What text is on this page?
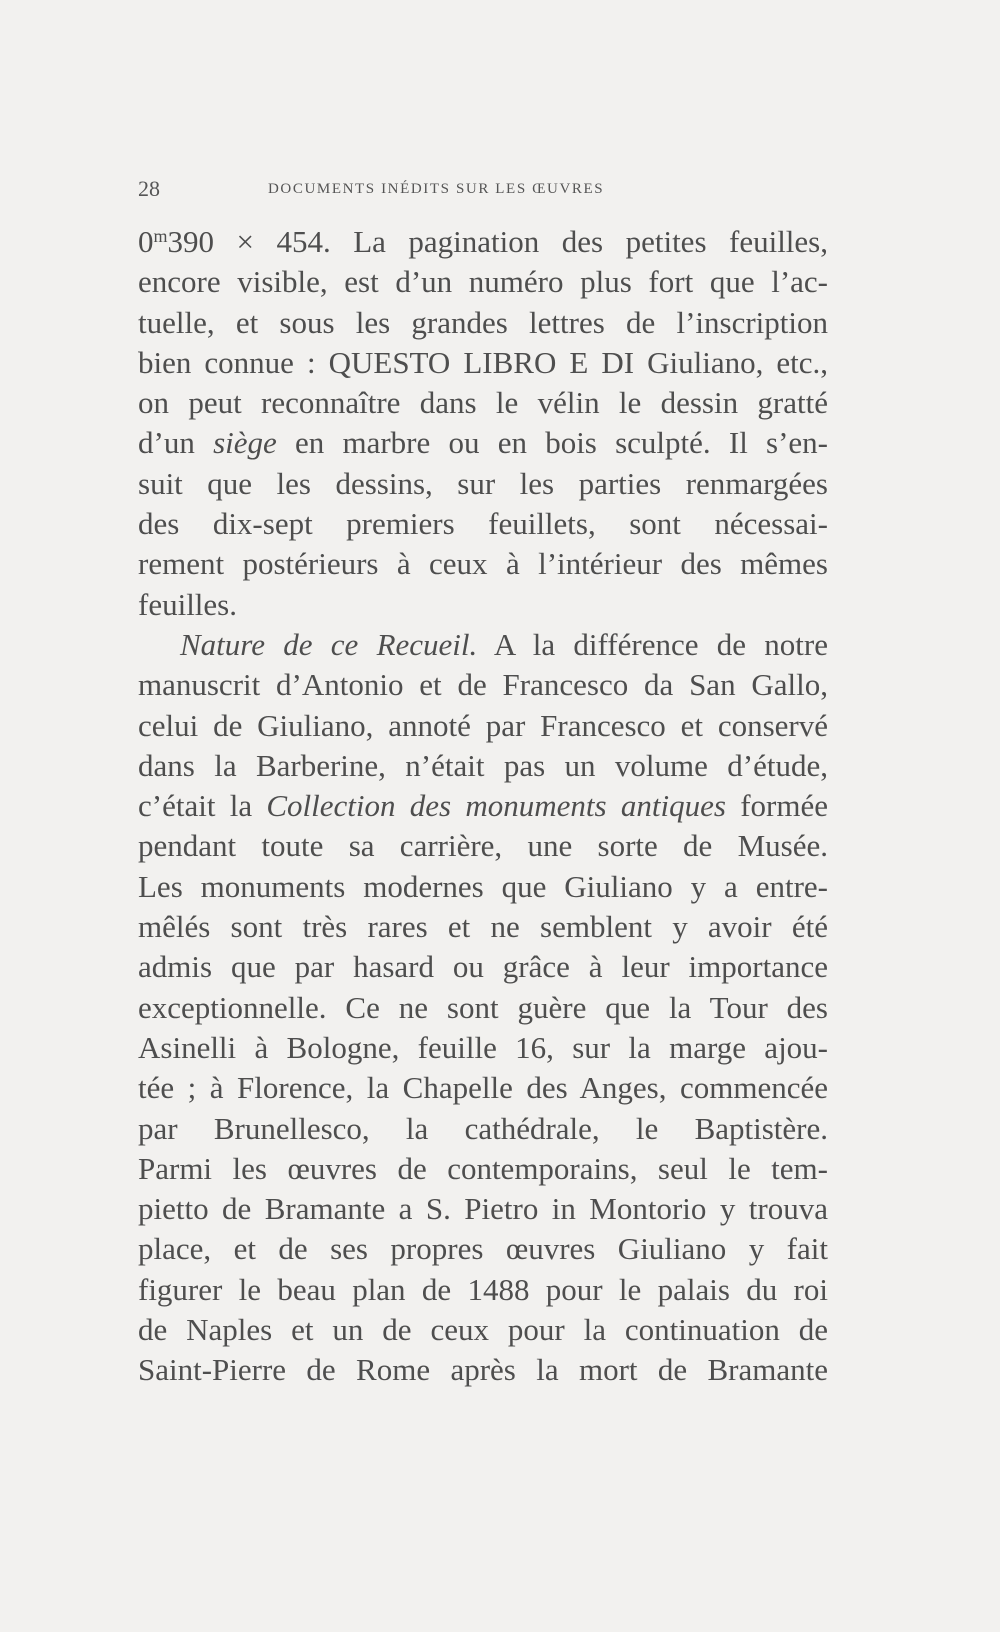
28	DOCUMENTS INÉDITS SUR LES ŒUVRES
$0^m390 \times 454$. La pagination des petites feuilles,
encore visible, est d’un numéro plus fort que l’ac-
tuelle, et sous les grandes lettres de l’inscription
bien connue : QUESTO LIBRO E DI Giuliano, etc.,
on peut reconnaître dans le vélin le dessin gratté
d’un siège en marbre ou en bois sculpté. Il s’en-
suit que les dessins, sur les parties renmargées
des dix-sept premiers feuillets, sont nécessai-
rement postérieurs à ceux à l’intérieur des mêmes
feuilles.
Nature de ce Recueil. A la différence de notre
manuscrit d’Antonio et de Francesco da San Gallo,
celui de Giuliano, annoté par Francesco et conservé
dans la Barberine, n’était pas un volume d’étude,
c’était la Collection des monuments antiques formée
pendant toute sa carrière, une sorte de Musée.
Les monuments modernes que Giuliano y a entre-
mêlés sont très rares et ne semblent y avoir été
admis que par hasard ou grâce à leur importance
exceptionnelle. Ce ne sont guère que la Tour des
Asinelli à Bologne, feuille 16, sur la marge ajou-
tée ; à Florence, la Chapelle des Anges, commencée
par Brunellesco, la cathédrale, le Baptistère.
Parmi les œuvres de contemporains, seul le tem-
pietto de Bramante a S. Pietro in Montorio y trouva
place, et de ses propres œuvres Giuliano y fait
figurer le beau plan de 1488 pour le palais du roi
de Naples et un de ceux pour la continuation de
Saint-Pierre de Rome après la mort de Bramante
